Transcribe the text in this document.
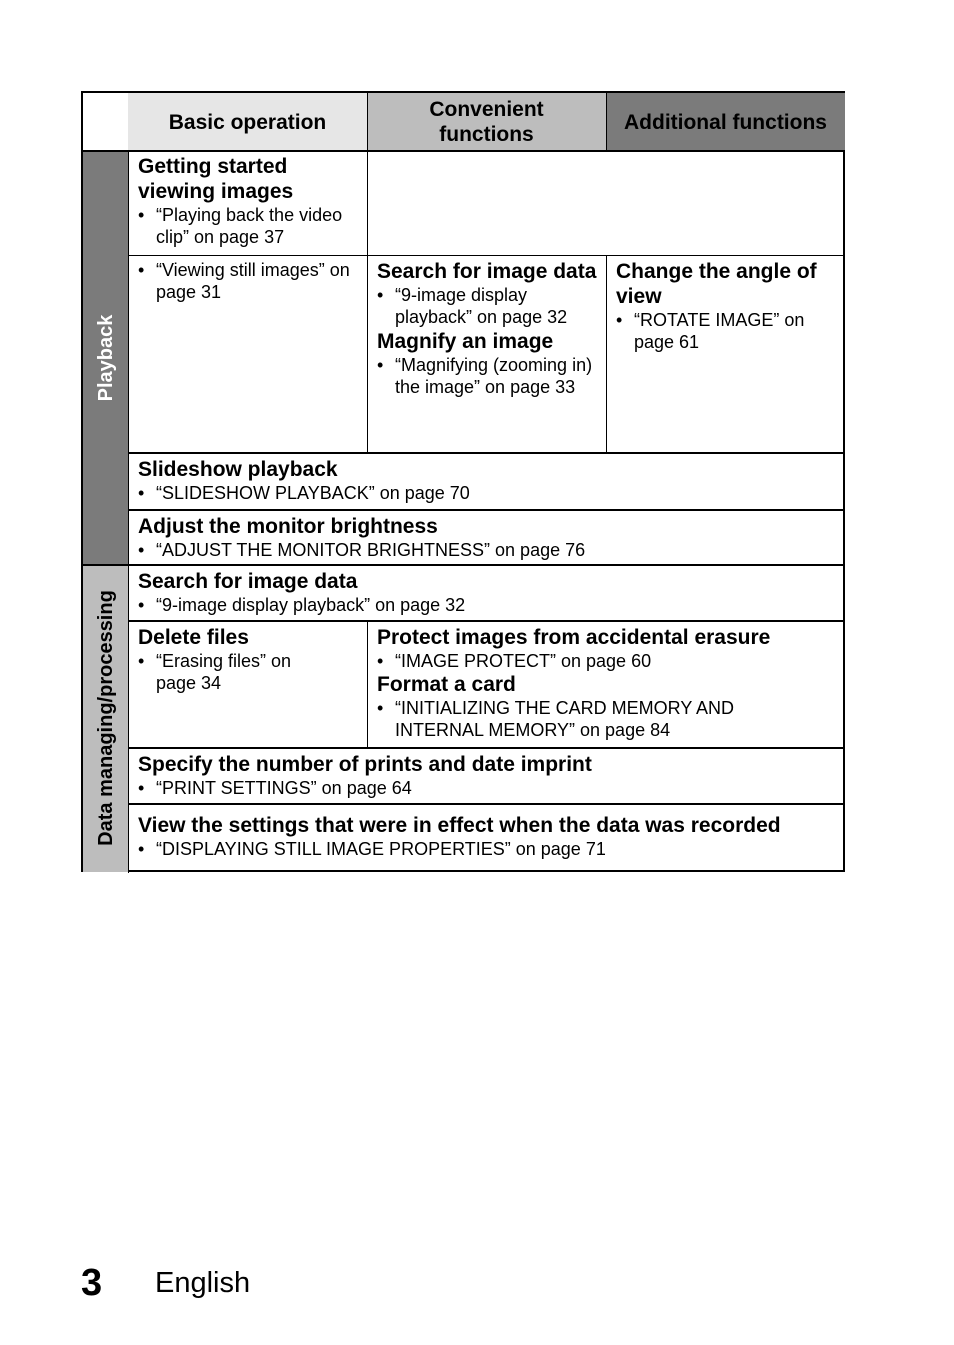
Basic operation
Convenient
functions
Additional functions
Playback
Data managing/processing
Getting started viewing images
• “Playing back the video clip” on page 37
• “Viewing still images” on page 31
Search for image data
• “9-image display playback” on page 32
Magnify an image
• “Magnifying (zooming in) the image” on page 33
Change the angle of view
• “ROTATE IMAGE” on page 61
Slideshow playback
• “SLIDESHOW PLAYBACK” on page 70
Adjust the monitor brightness
• “ADJUST THE MONITOR BRIGHTNESS” on page 76
Search for image data
• “9-image display playback” on page 32
Delete files
• “Erasing files” on page 34
Protect images from accidental erasure
• “IMAGE PROTECT” on page 60
Format a card
• “INITIALIZING THE CARD MEMORY AND INTERNAL MEMORY” on page 84
Specify the number of prints and date imprint
• “PRINT SETTINGS” on page 64
View the settings that were in effect when the data was recorded
• “DISPLAYING STILL IMAGE PROPERTIES” on page 71
3 English
